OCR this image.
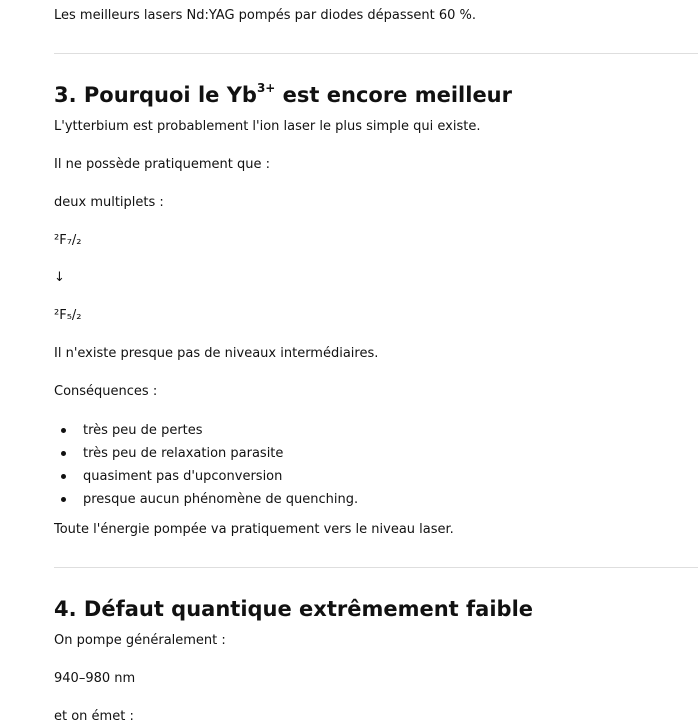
Les meilleurs lasers Nd:YAG pompés par diodes dépassent 60 %.

3. Pourquoi le $Yb^{3+}$ est encore meilleur

L'ytterbium est probablement l'ion laser le plus simple qui existe.

Il ne possède pratiquement que :

deux multiplets :

²F₇/₂

↓

²F₅/₂

Il n'existe presque pas de niveaux intermédiaires.

Conséquences :

très peu de pertes
très peu de relaxation parasite
quasiment pas d'upconversion
presque aucun phénomène de quenching.

Toute l'énergie pompée va pratiquement vers le niveau laser.

4. Défaut quantique extrêmement faible

On pompe généralement :

940–980 nm

et on émet :
